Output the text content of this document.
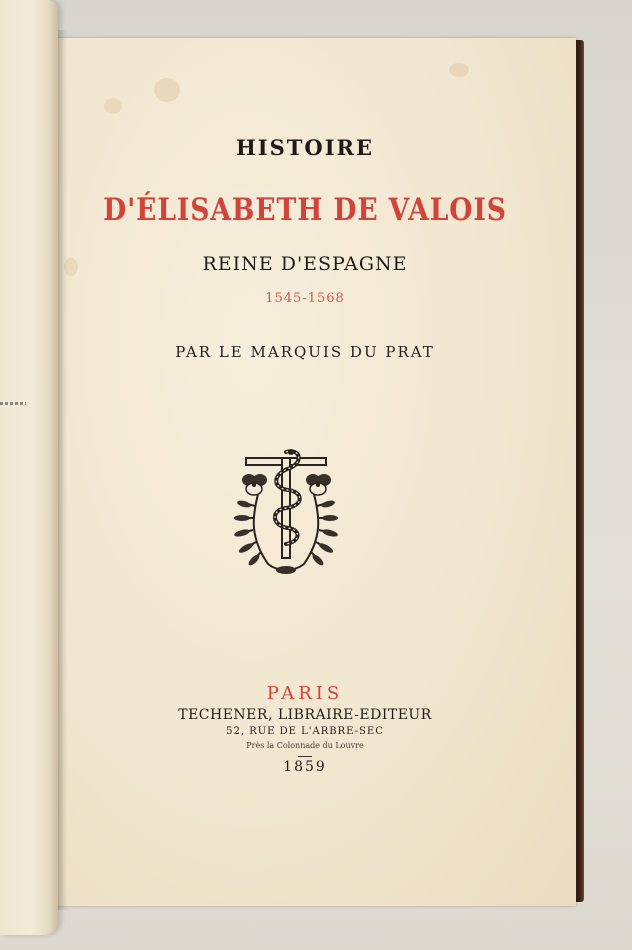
HISTOIRE
D'ÉLISABETH DE VALOIS
REINE D'ESPAGNE
1545-1568
PAR LE MARQUIS DU PRAT
PARIS
TECHENER, LIBRAIRE-EDITEUR
52, RUE DE L'ARBRE-SEC
Près la Colonnade du Louvre
1859
